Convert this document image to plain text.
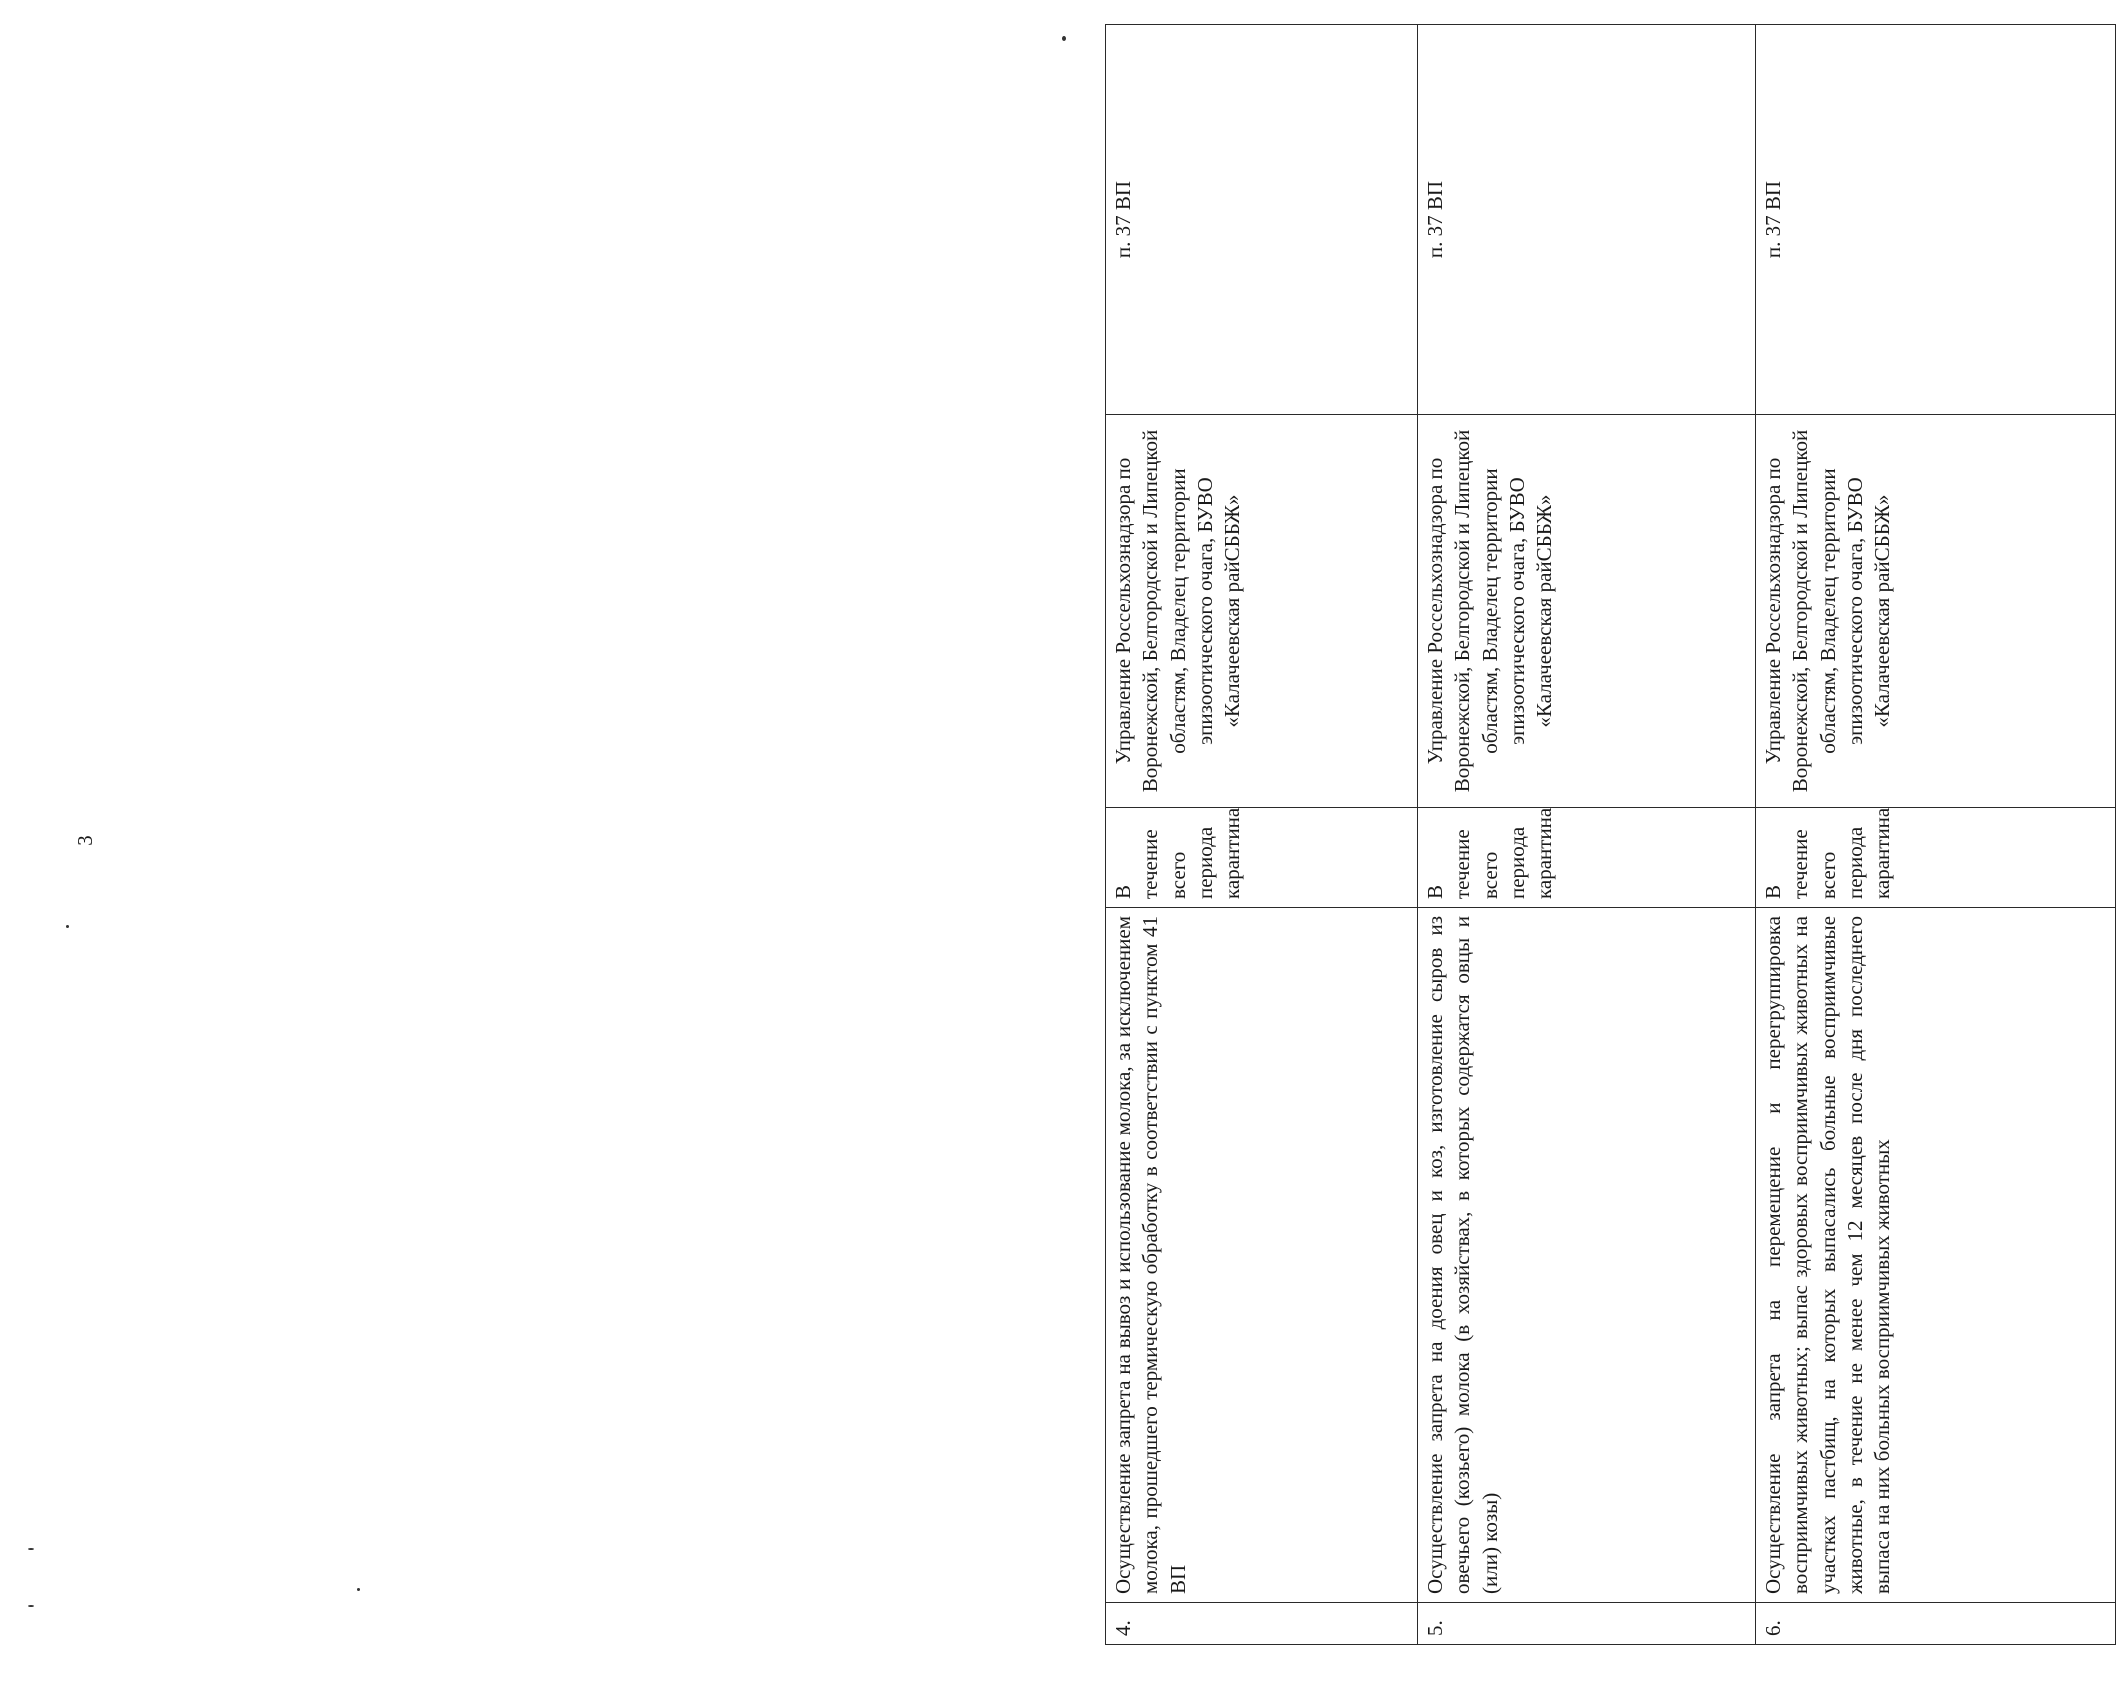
3
4.	Осуществление запрета на вывоз и использование молока, за исключением молока, прошедшего термическую обработку в соответствии с пунктом 41 ВП	В течение всего периода карантина	Управление Россельхознадзора по Воронежской, Белгородской и Липецкой областям, Владелец территории эпизоотического очага, БУВО «Калачеевская райСББЖ»	п. 37 ВП
5.	Осуществление запрета на доения овец и коз, изготовление сыров из овечьего (козьего) молока (в хозяйствах, в которых содержатся овцы и (или) козы)	В течение всего периода карантина	Управление Россельхознадзора по Воронежской, Белгородской и Липецкой областям, Владелец территории эпизоотического очага, БУВО «Калачеевская райСББЖ»	п. 37 ВП
6.	Осуществление запрета на перемещение и перегруппировка восприимчивых животных; выпас здоровых восприимчивых животных на участках пастбищ, на которых выпасались больные восприимчивые животные, в течение не менее чем 12 месяцев после дня последнего выпаса на них больных восприимчивых животных	В течение всего периода карантина	Управление Россельхознадзора по Воронежской, Белгородской и Липецкой областям, Владелец территории эпизоотического очага, БУВО «Калачеевская райСББЖ»	п. 37 ВП
